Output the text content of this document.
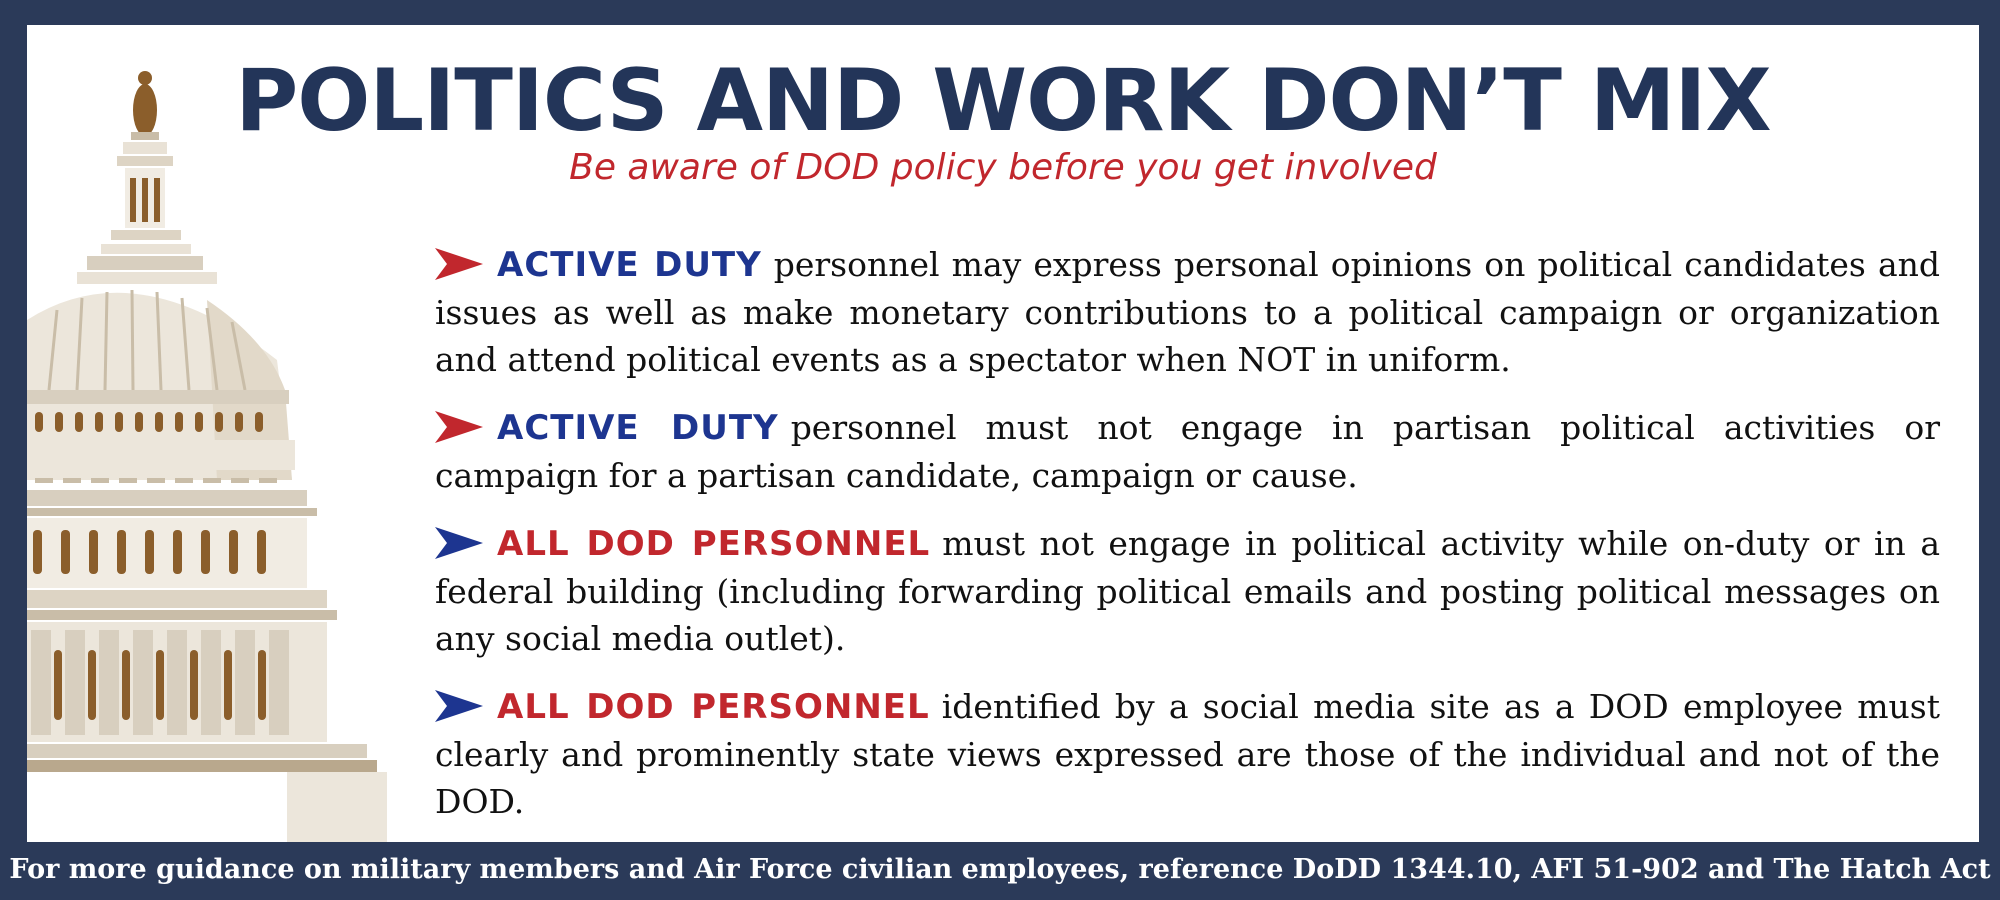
POLITICS AND WORK DON’T MIX
Be aware of DOD policy before you get involved
ACTIVE DUTY personnel may express personal opinions on political candidates and issues as well as make monetary contributions to a political campaign or organization and attend political events as a spectator when NOT in uniform.
ACTIVE DUTY personnel must not engage in partisan political activities or campaign for a partisan candidate, campaign or cause.
ALL DOD PERSONNEL must not engage in political activity while on-duty or in a federal building (including forwarding political emails and posting political messages on any social media outlet).
ALL DOD PERSONNEL identified by a social media site as a DOD employee must clearly and prominently state views expressed are those of the individual and not of the DOD.
For more guidance on military members and Air Force civilian employees, reference DoDD 1344.10, AFI 51-902 and The Hatch Act
